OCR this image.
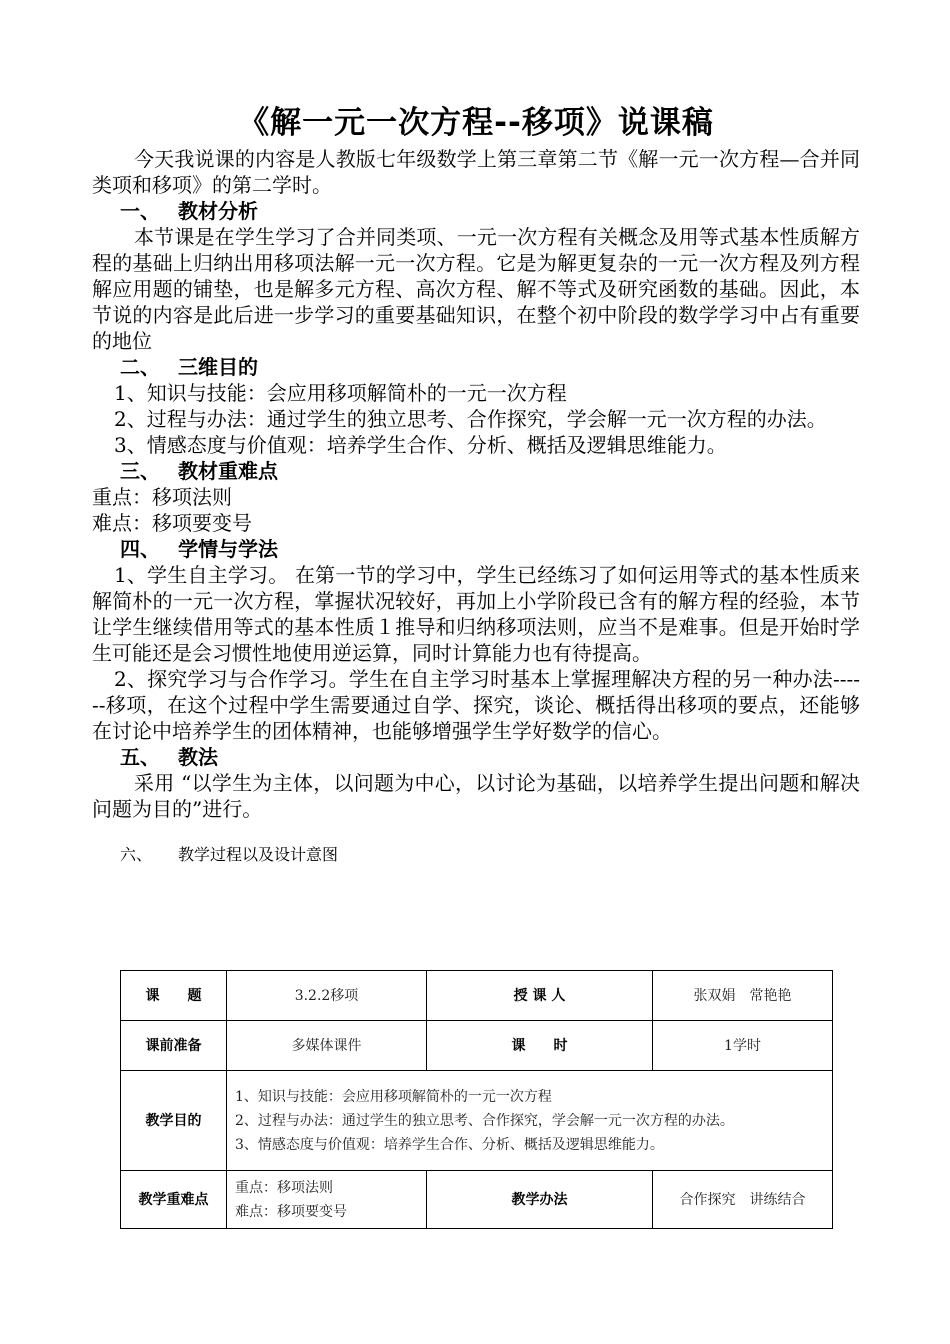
《解一元一次方程--移项》说课稿

今天我说课的内容是人教版七年级数学上第三章第二节《解一元一次方程—合并同类项和移项》的第二学时。

一、 教材分析

本节课是在学生学习了合并同类项、一元一次方程有关概念及用等式基本性质解方程的基础上归纳出用移项法解一元一次方程。它是为解更复杂的一元一次方程及列方程解应用题的铺垫，也是解多元方程、高次方程、解不等式及研究函数的基础。因此，本节说的内容是此后进一步学习的重要基础知识，在整个初中阶段的数学学习中占有重要的地位

二、 三维目的

1、知识与技能：会应用移项解简朴的一元一次方程

2、过程与办法：通过学生的独立思考、合作探究，学会解一元一次方程的办法。

3、情感态度与价值观：培养学生合作、分析、概括及逻辑思维能力。

三、 教材重难点

重点：移项法则

难点：移项要变号

四、 学情与学法

1、学生自主学习。 在第一节的学习中，学生已经练习了如何运用等式的基本性质来解简朴的一元一次方程，掌握状况较好，再加上小学阶段已含有的解方程的经验，本节让学生继续借用等式的基本性质１推导和归纳移项法则，应当不是难事。但是开始时学生可能还是会习惯性地使用逆运算，同时计算能力也有待提高。

2、探究学习与合作学习。学生在自主学习时基本上掌握理解决方程的另一种办法------移项，在这个过程中学生需要通过自学、探究，谈论、概括得出移项的要点，还能够在讨论中培养学生的团体精神，也能够增强学生学好数学的信心。

五、 教法

采用 “以学生为主体，以问题为中心，以讨论为基础，以培养学生提出问题和解决问题为目的”进行。

六、 教学过程以及设计意图
课　　题	3.2.2移项	授 课 人	张双娟　常艳艳
课前准备	多媒体课件	课　　时	1学时
教学目的	1、知识与技能：会应用移项解简朴的一元一次方程
2、过程与办法：通过学生的独立思考、合作探究，学会解一元一次方程的办法。
3、情感态度与价值观：培养学生合作、分析、概括及逻辑思维能力。		

教学重难点	重点：移项法则
难点：移项要变号	教学办法	合作探究　讲练结合
